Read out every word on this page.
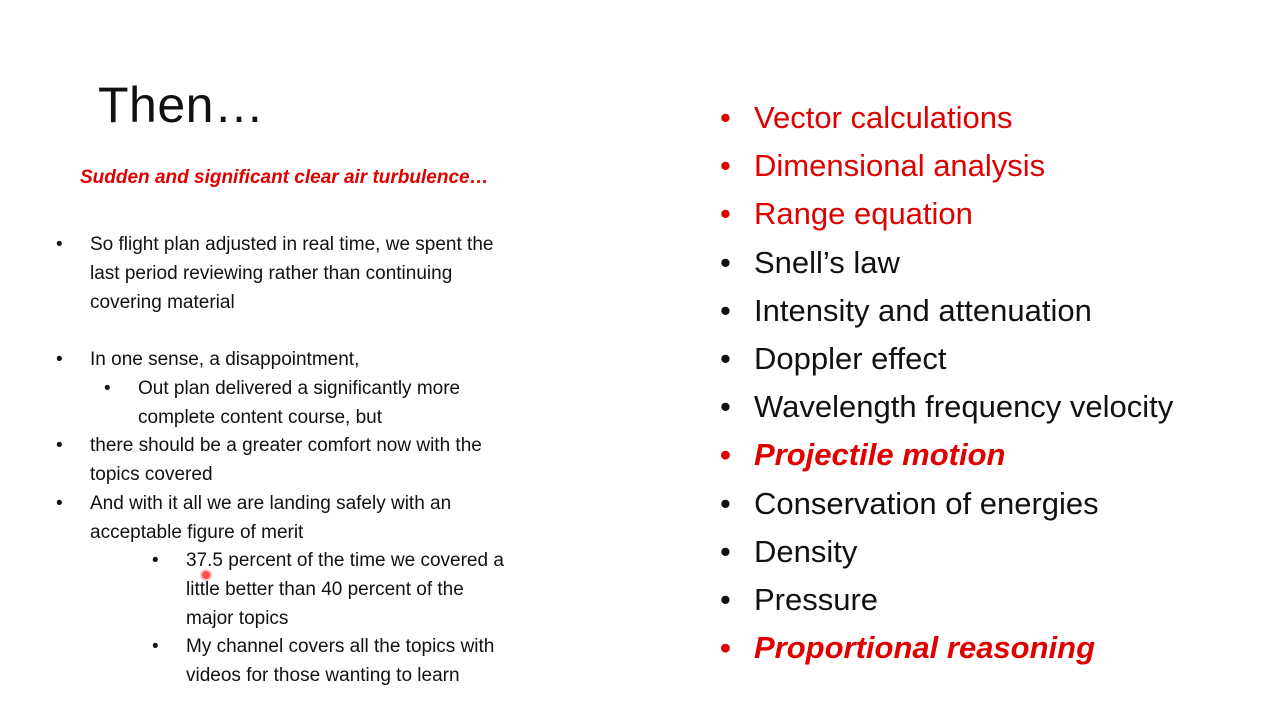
Then…
Sudden and significant clear air turbulence…
•	So flight plan adjusted in real time, we spent the
last period reviewing rather than continuing
covering material
•	In one sense, a disappointment,
•	Out plan delivered a significantly more
complete content course, but
•	there should be a greater comfort now with the
topics covered
•	And with it all we are landing safely with an
acceptable figure of merit
•	37.5 percent of the time we covered a
little better than 40 percent of the
major topics
•	My channel covers all the topics with
videos for those wanting to learn
• Vector calculations
• Dimensional analysis
• Range equation
• Snell’s law
• Intensity and attenuation
• Doppler effect
• Wavelength frequency velocity
• Projectile motion
• Conservation of energies
• Density
• Pressure
• Proportional reasoning
